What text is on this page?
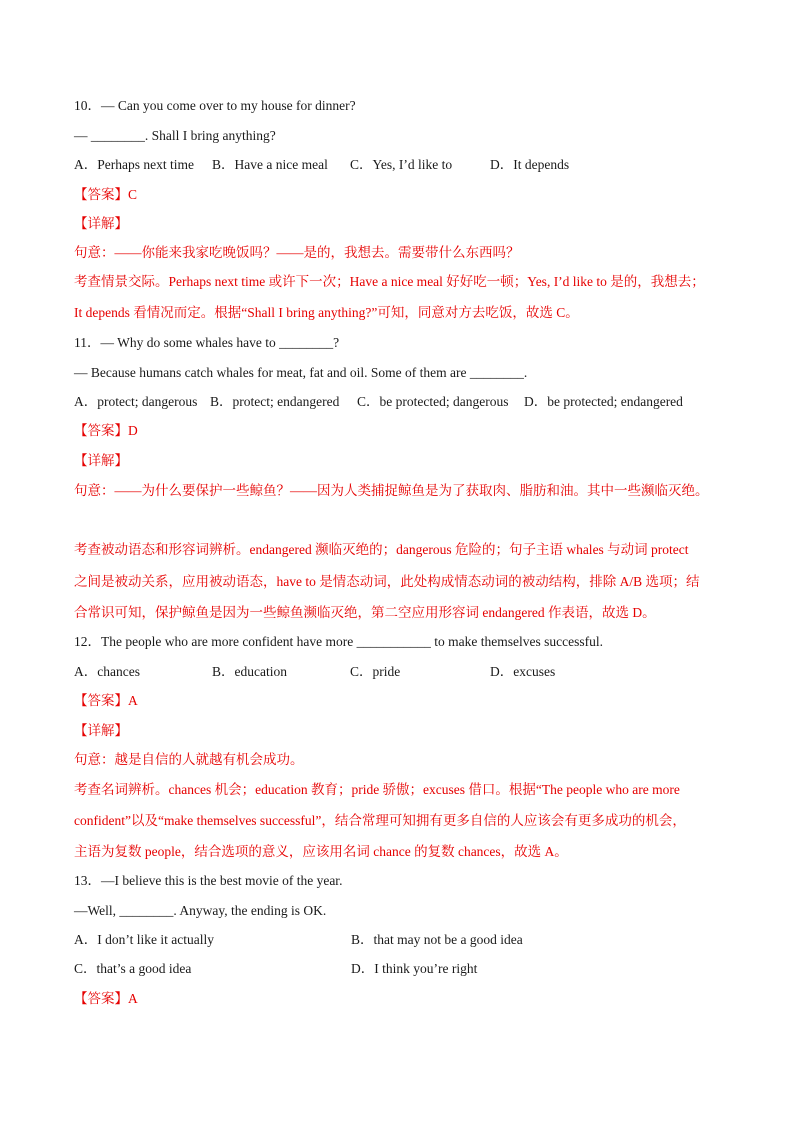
10．— Can you come over to my house for dinner?
— ________. Shall I bring anything?
A．Perhaps next time B．Have a nice meal C．Yes, I’d like to	D．It depends
【答案】C
【详解】
句意：——你能来我家吃晚饭吗？——是的，我想去。需要带什么东西吗？
考查情景交际。Perhaps next time 或许下一次；Have a nice meal 好好吃一顿；Yes, I’d like to 是的，我想去；
It depends 看情况而定。根据“Shall I bring anything?”可知，同意对方去吃饭，故选 C。
11．— Why do some whales have to ________?
— Because humans catch whales for meat, fat and oil. Some of them are ________.
A．protect; dangerous B．protect; endangered C．be protected; dangerous D．be protected; endangered
【答案】D
【详解】
句意：——为什么要保护一些鲸鱼？——因为人类捕捉鲸鱼是为了获取肉、脂肪和油。其中一些濒临灭绝。
考查被动语态和形容词辨析。endangered 濒临灭绝的；dangerous 危险的；句子主语 whales 与动词 protect
之间是被动关系，应用被动语态，have to 是情态动词，此处构成情态动词的被动结构，排除 A/B 选项；结
合常识可知，保护鲸鱼是因为一些鲸鱼濒临灭绝，第二空应用形容词 endangered 作表语，故选 D。
12．The people who are more confident have more ___________ to make themselves successful.
A．chances	B．education	C．pride	D．excuses
【答案】A
【详解】
句意：越是自信的人就越有机会成功。
考查名词辨析。chances 机会；education 教育；pride 骄傲；excuses 借口。根据“The people who are more
confident”以及“make themselves successful”，结合常理可知拥有更多自信的人应该会有更多成功的机会，
主语为复数 people，结合选项的意义，应该用名词 chance 的复数 chances，故选 A。
13．—I believe this is the best movie of the year.
—Well, ________. Anyway, the ending is OK.
A．I don’t like it actually	B．that may not be a good idea
C．that’s a good idea	D．I think you’re right
【答案】A
